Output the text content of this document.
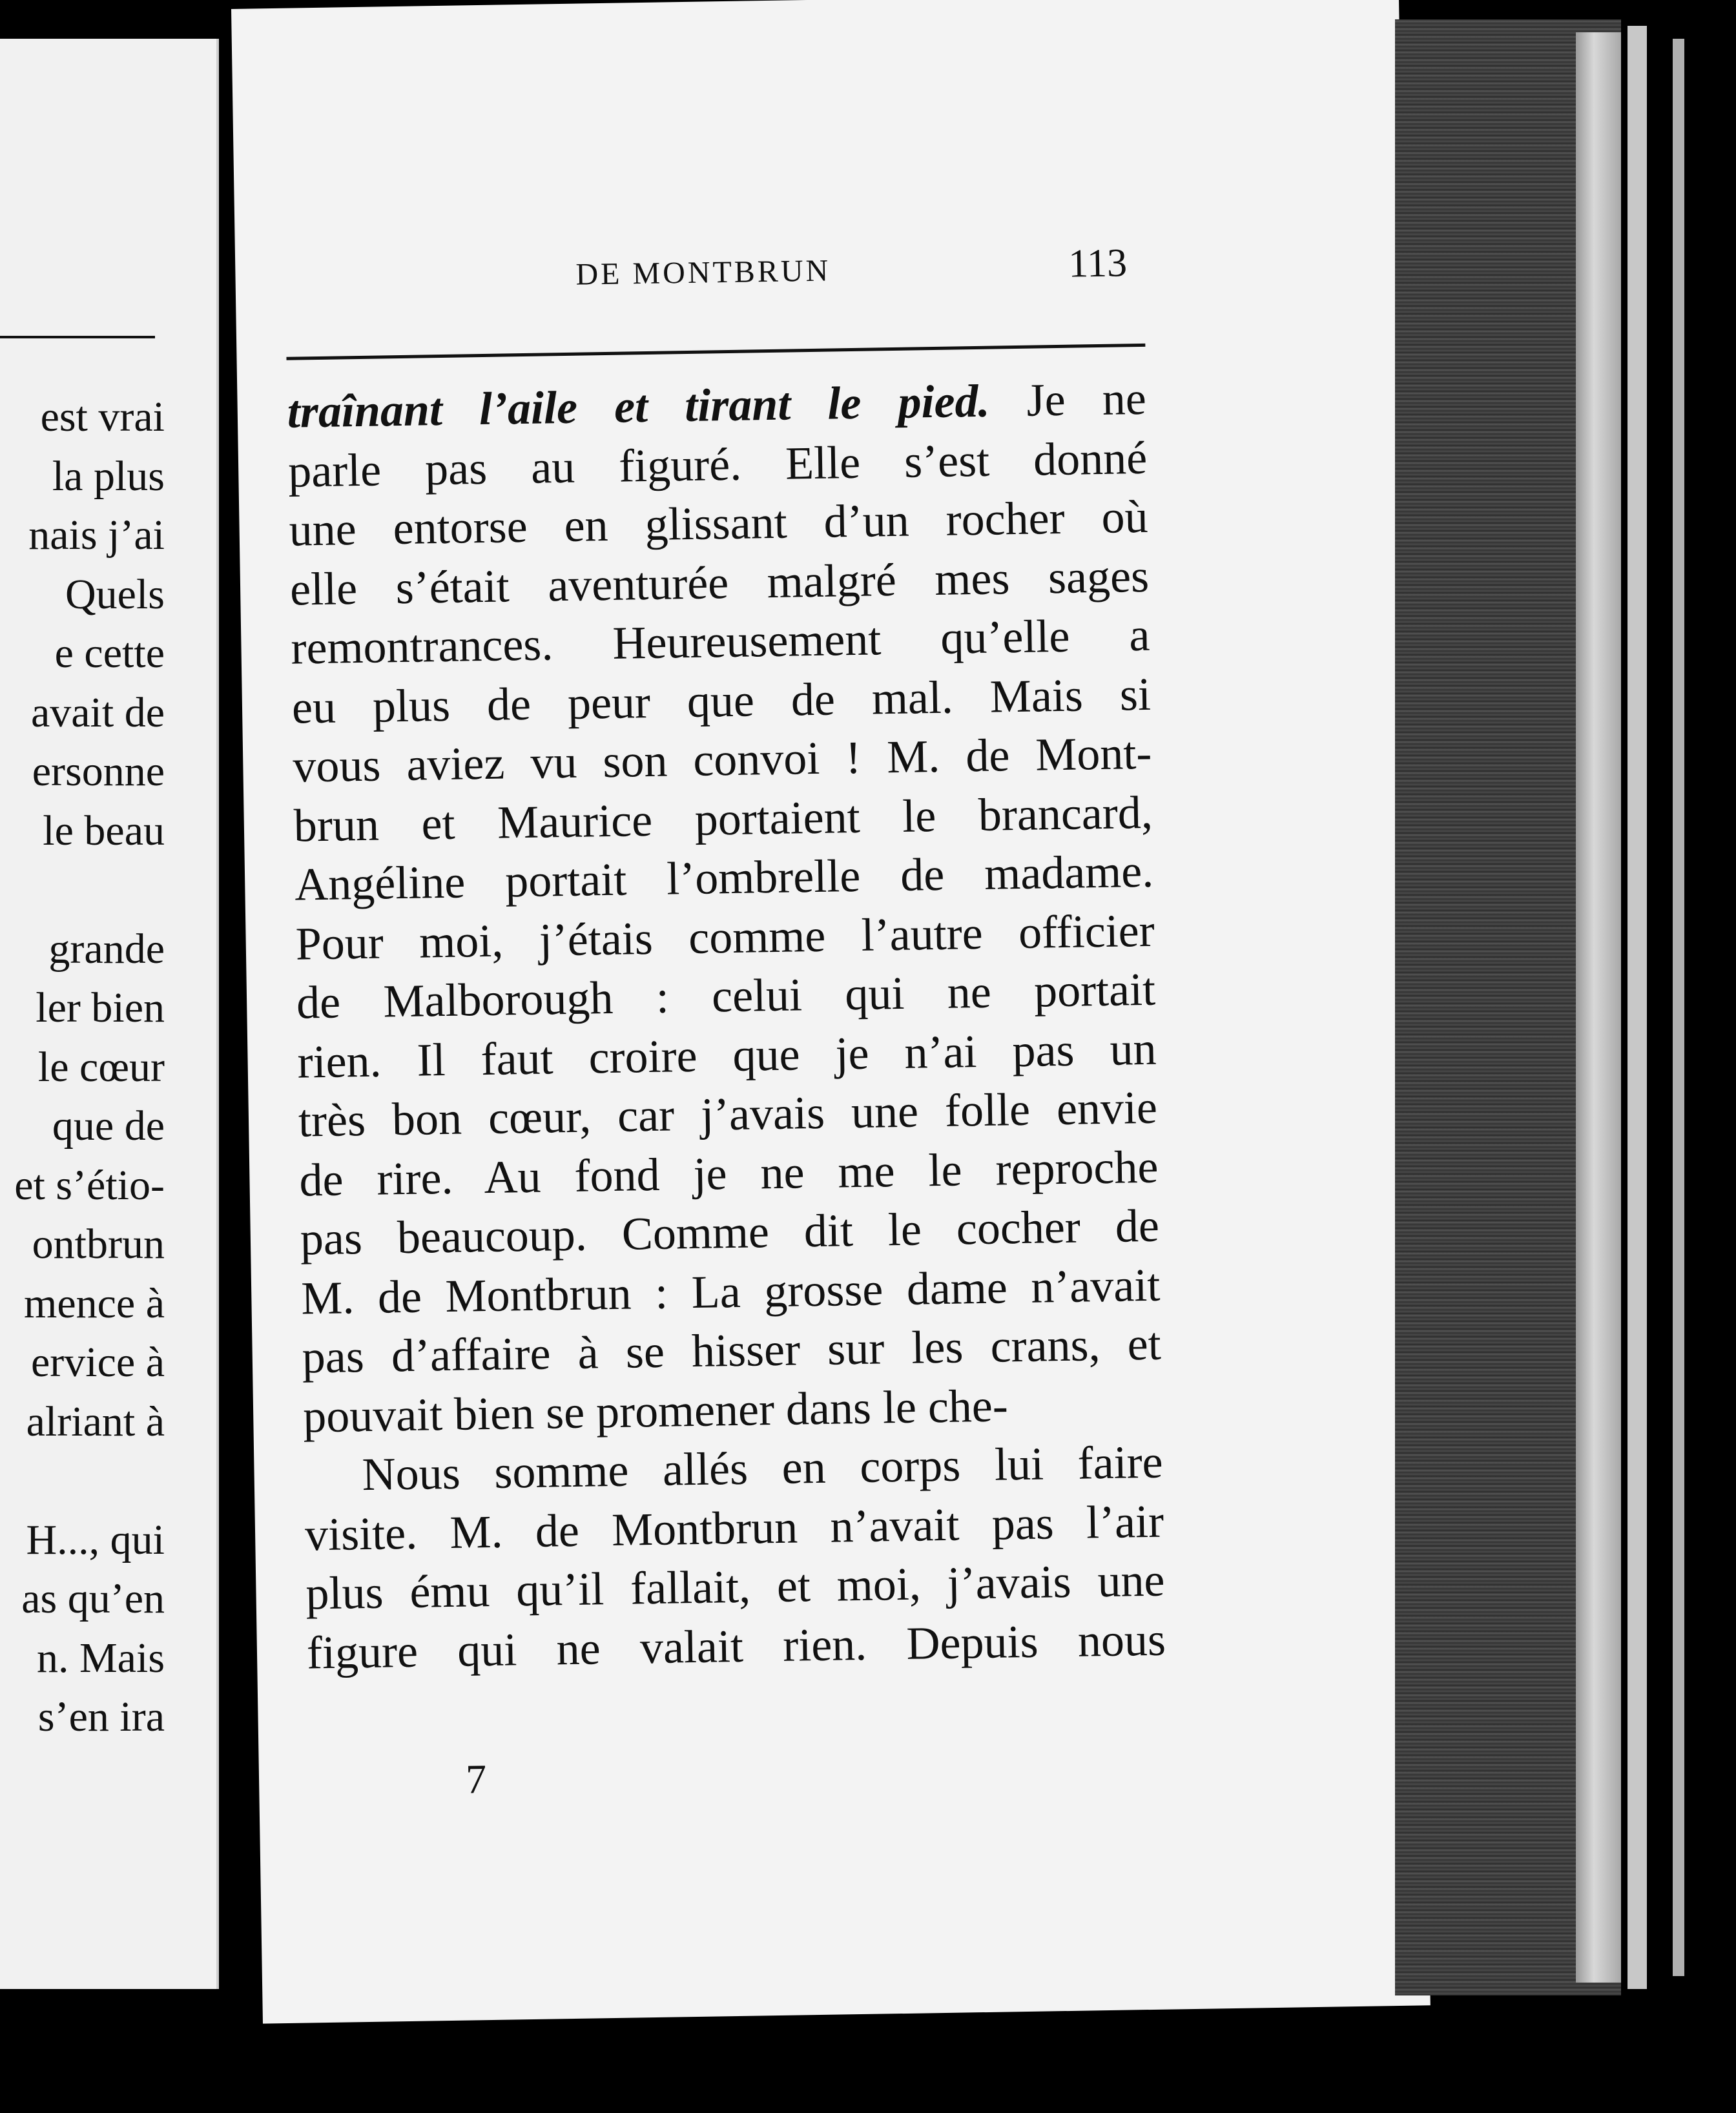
est vrai
la plus
nais j’ai
Quels
e cette
avait de
ersonne
le beau
grande
ler bien
le cœur
que de
et s’étio-
ontbrun
mence à
ervice à
alriant à
H..., qui
as qu’en
n. Mais
s’en ira
DE MONTBRUN	113
traînant l’aile et tirant le pied. Je ne
parle pas au figuré. Elle s’est donné
une entorse en glissant d’un rocher où
elle s’était aventurée malgré mes sages
remontrances. Heureusement qu’elle a
eu plus de peur que de mal. Mais si
vous aviez vu son convoi ! M. de Mont-
brun et Maurice portaient le brancard,
Angéline portait l’ombrelle de madame.
Pour moi, j’étais comme l’autre officier
de Malborough : celui qui ne portait
rien. Il faut croire que je n’ai pas un
très bon cœur, car j’avais une folle envie
de rire. Au fond je ne me le reproche
pas beaucoup. Comme dit le cocher de
M. de Montbrun : La grosse dame n’avait
pas d’affaire à se hisser sur les crans, et
pouvait bien se promener dans le che-
Nous somme allés en corps lui faire
visite. M. de Montbrun n’avait pas l’air
plus ému qu’il fallait, et moi, j’avais une
figure qui ne valait rien. Depuis nous
7
